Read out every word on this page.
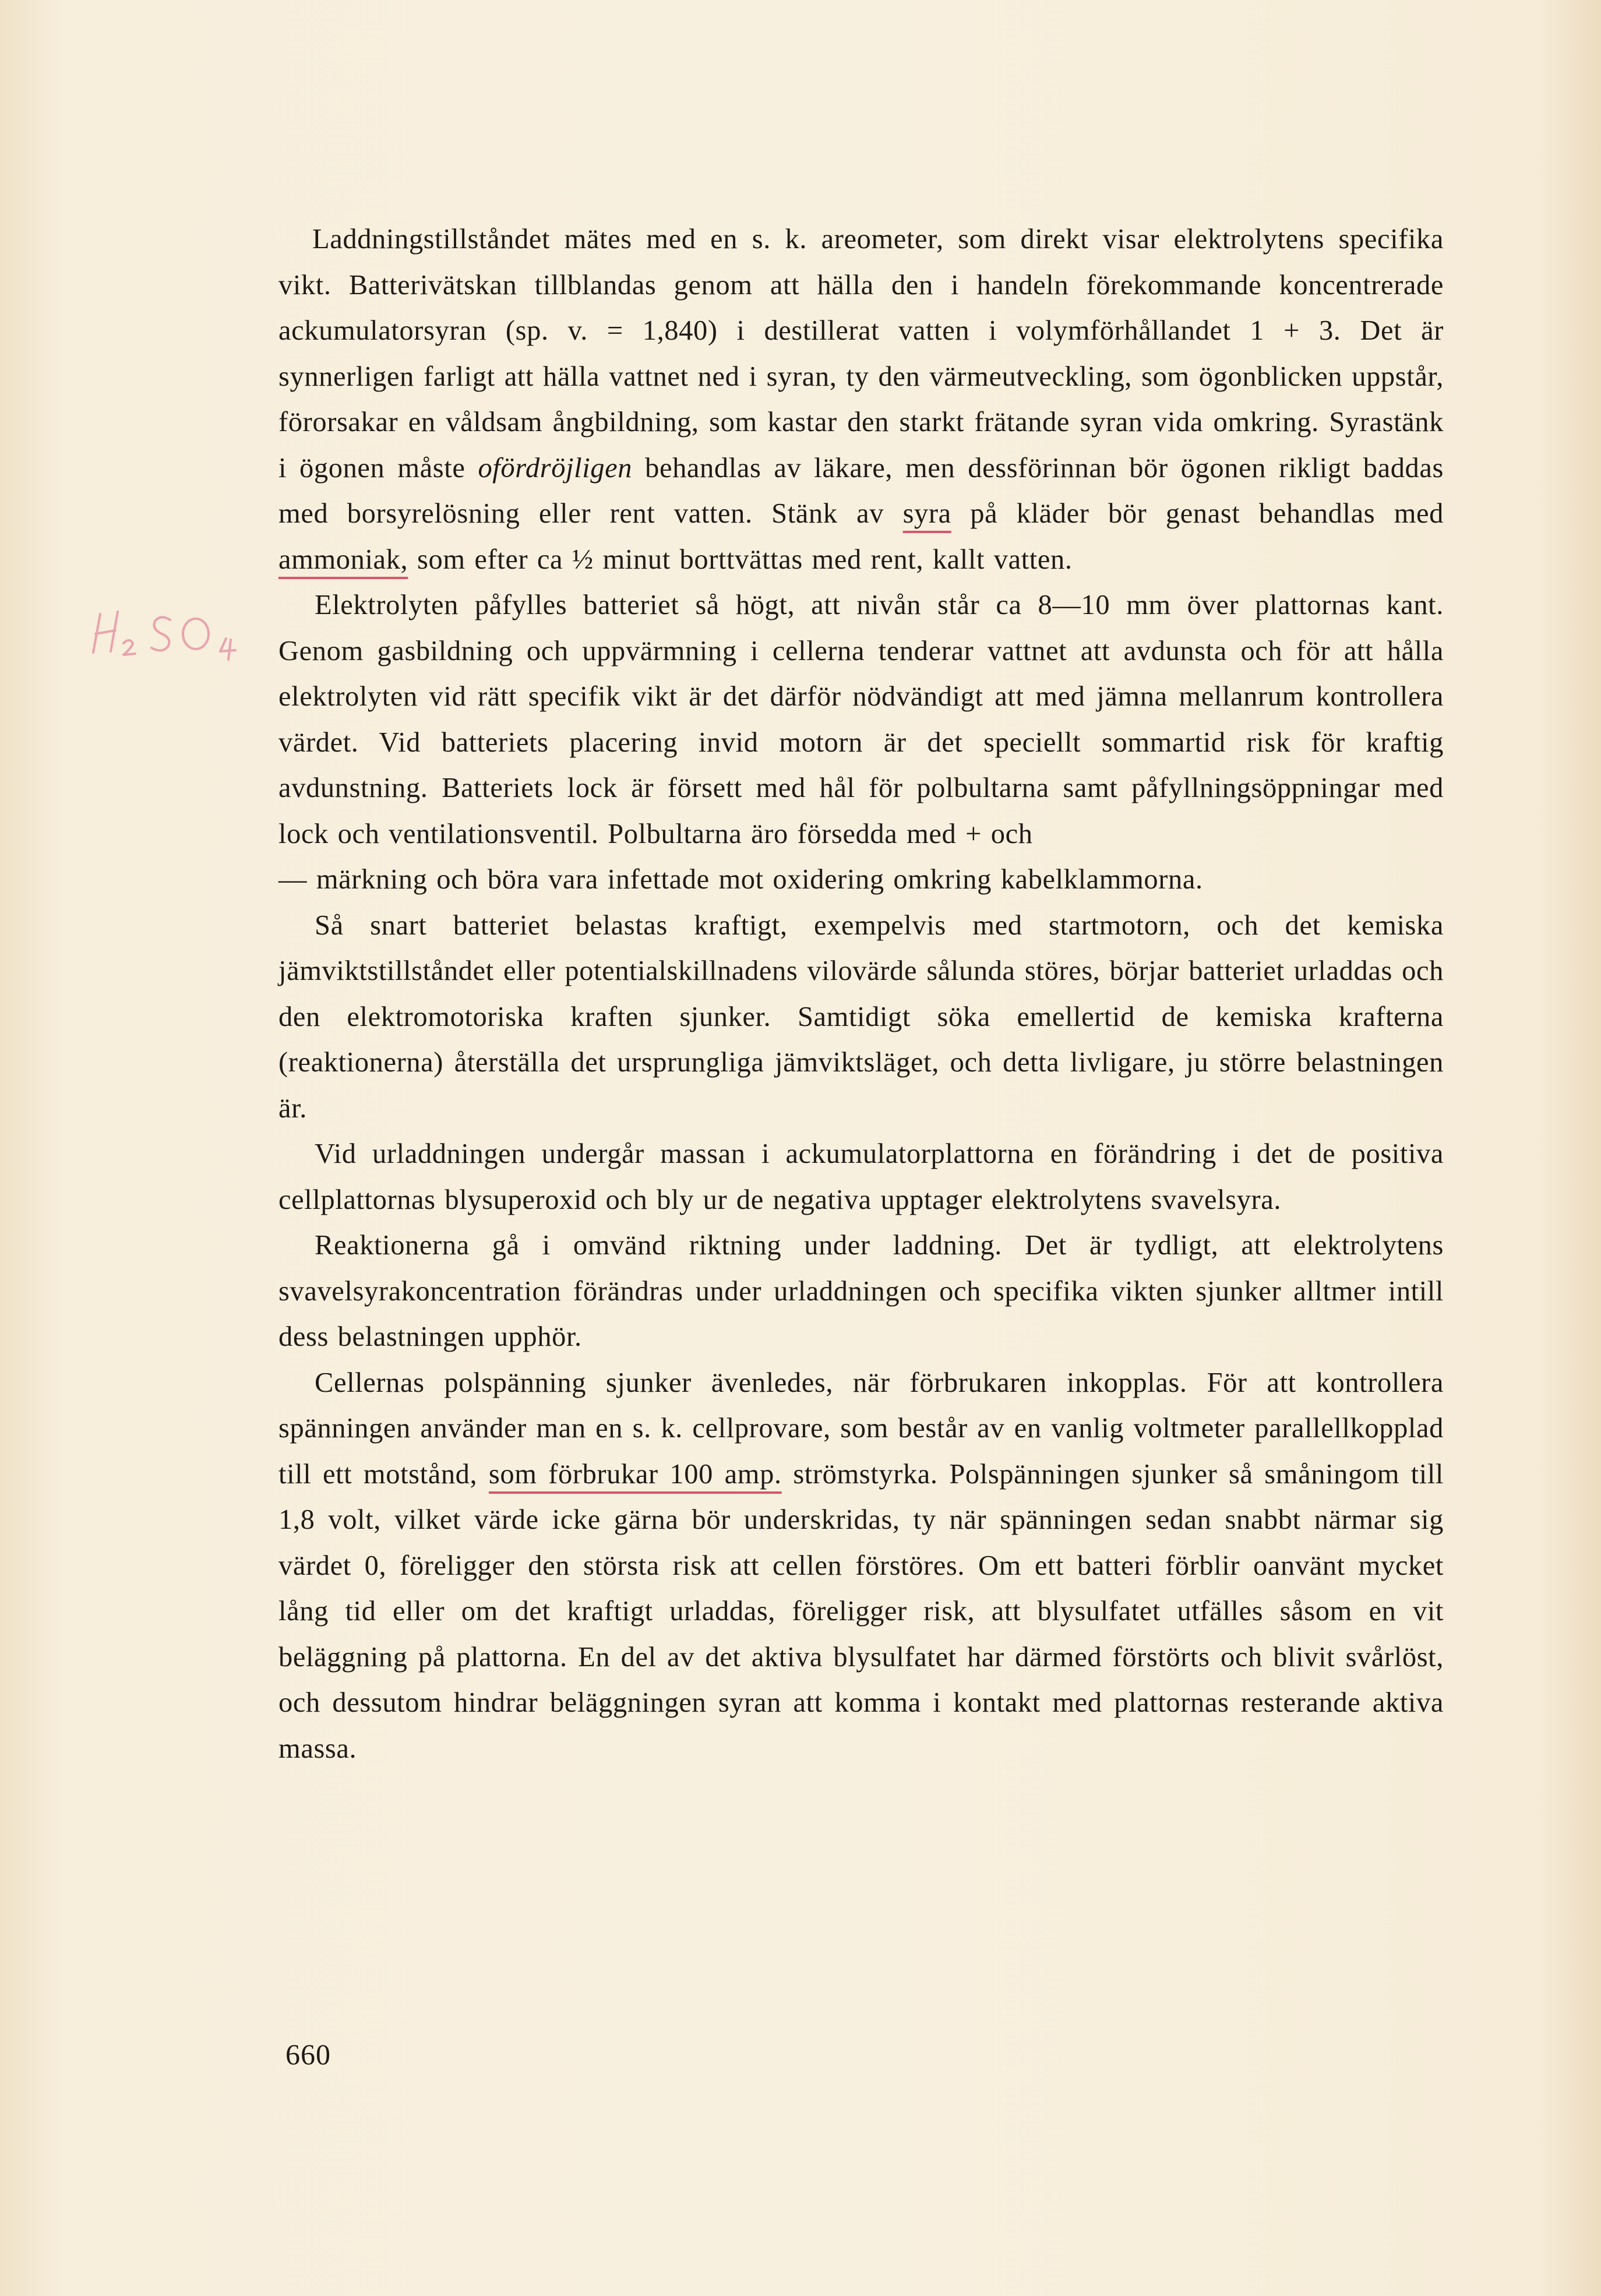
Laddningstillståndet mätes med en s. k. areometer, som direkt visar elektrolytens specifika vikt. Batterivätskan tillblandas genom att hälla den i handeln förekommande koncentrerade ackumulatorsyran (sp. v. = 1,840) i destillerat vatten i volymförhållandet 1 + 3. Det är synnerligen farligt att hälla vattnet ned i syran, ty den värmeutveckling, som ögonblicken uppstår, förorsakar en våldsam ångbildning, som kastar den starkt frätande syran vida omkring. Syrastänk i ögonen måste ofördröjligen behandlas av läkare, men dessförinnan bör ögonen rikligt baddas med borsyrelösning eller rent vatten. Stänk av syra på kläder bör genast behandlas med ammoniak, som efter ca ½ minut borttvättas med rent, kallt vatten.

Elektrolyten påfylles batteriet så högt, att nivån står ca 8—10 mm över plattornas kant. Genom gasbildning och uppvärmning i cellerna tenderar vattnet att avdunsta och för att hålla elektrolyten vid rätt specifik vikt är det därför nödvändigt att med jämna mellanrum kontrollera värdet. Vid batteriets placering invid motorn är det speciellt sommartid risk för kraftig avdunstning. Batteriets lock är försett med hål för polbultarna samt påfyllningsöppningar med lock och ventilationsventil. Polbultarna äro försedda med + och

— märkning och böra vara infettade mot oxidering omkring kabelklammorna.

Så snart batteriet belastas kraftigt, exempelvis med startmotorn, och det kemiska jämviktstillståndet eller potentialskillnadens vilovärde sålunda störes, börjar batteriet urladdas och den elektromotoriska kraften sjunker. Samtidigt söka emellertid de kemiska krafterna (reaktionerna) återställa det ursprungliga jämviktsläget, och detta livligare, ju större belastningen är.

Vid urladdningen undergår massan i ackumulatorplattorna en förändring i det de positiva cellplattornas blysuperoxid och bly ur de negativa upptager elektrolytens svavelsyra.

Reaktionerna gå i omvänd riktning under laddning. Det är tydligt, att elektrolytens svavelsyrakoncentration förändras under urladdningen och specifika vikten sjunker alltmer intill dess belastningen upphör.

Cellernas polspänning sjunker ävenledes, när förbrukaren inkopplas. För att kontrollera spänningen använder man en s. k. cellprovare, som består av en vanlig voltmeter parallellkopplad till ett motstånd, som förbrukar 100 amp. strömstyrka. Polspänningen sjunker så småningom till 1,8 volt, vilket värde icke gärna bör underskridas, ty när spänningen sedan snabbt närmar sig värdet 0, föreligger den största risk att cellen förstöres. Om ett batteri förblir oanvänt mycket lång tid eller om det kraftigt urladdas, föreligger risk, att blysulfatet utfälles såsom en vit beläggning på plattorna. En del av det aktiva blysulfatet har därmed förstörts och blivit svårlöst, och dessutom hindrar beläggningen syran att komma i kontakt med plattornas resterande aktiva massa.

660
